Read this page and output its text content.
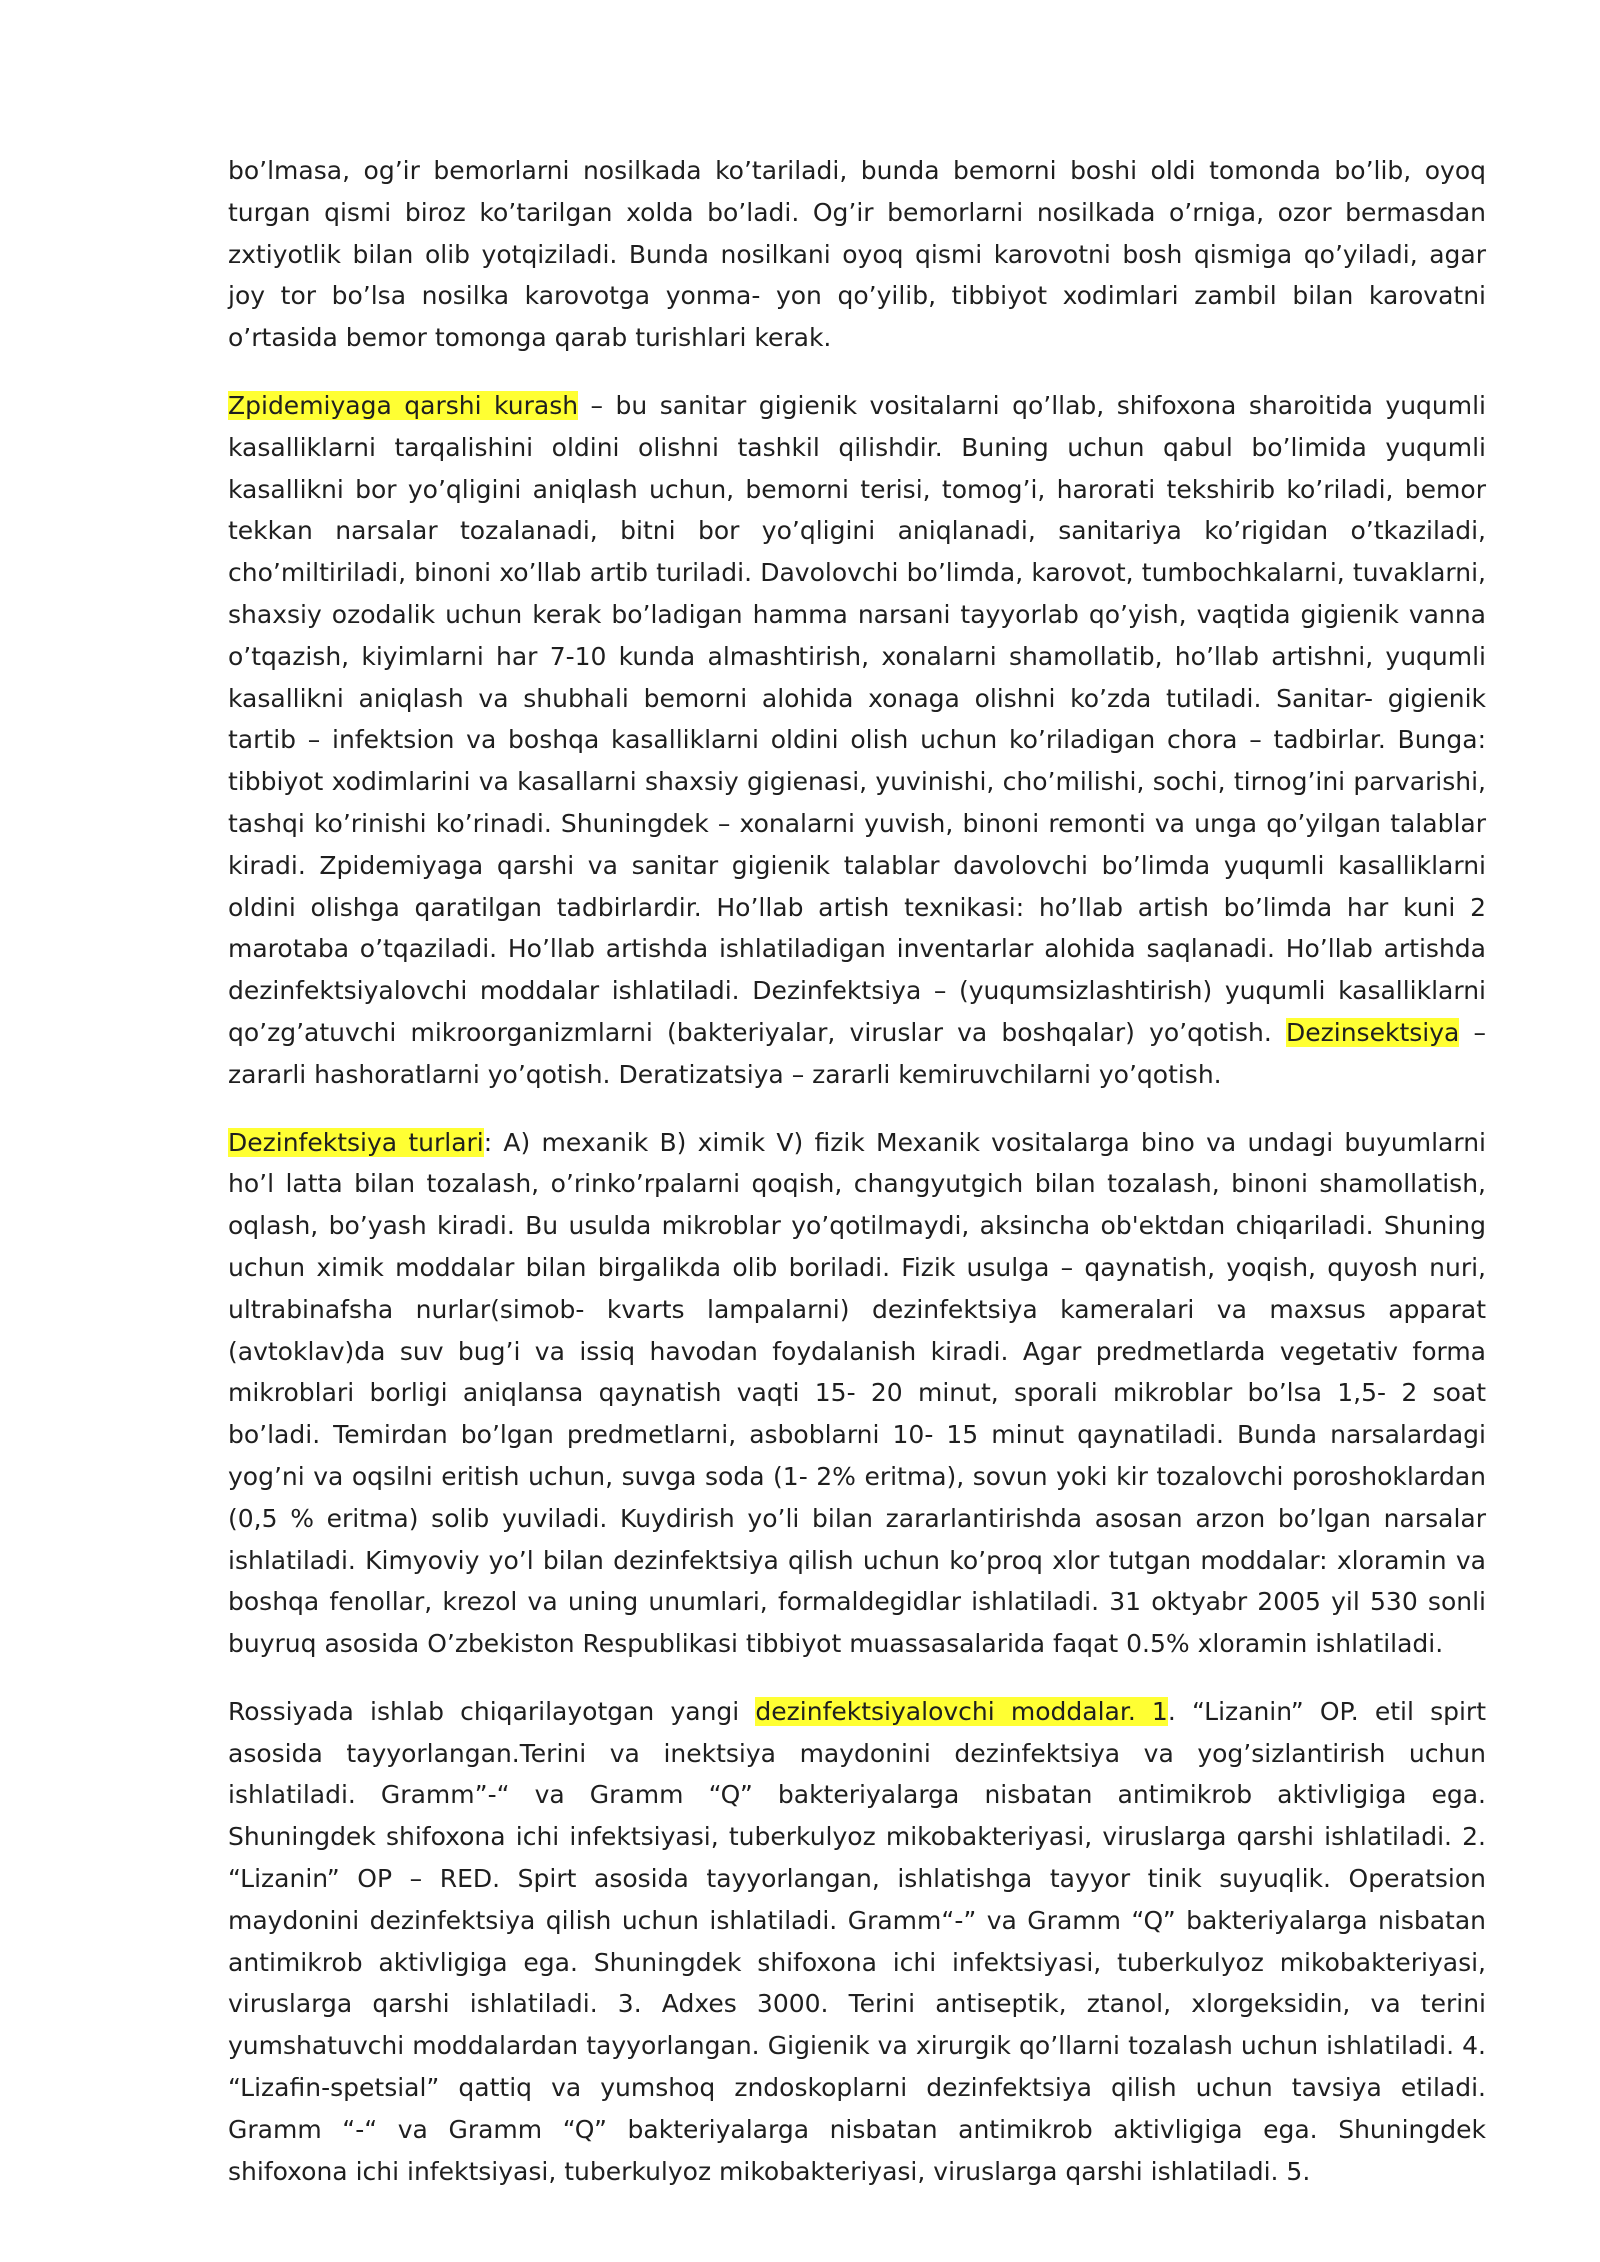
bo’lmasa, og’ir bemorlarni nosilkada ko’tariladi, bunda bemorni boshi oldi tomonda bo’lib, oyoq turgan qismi biroz ko’tarilgan xolda bo’ladi. Og’ir bemorlarni nosilkada o’rniga, ozor bermasdan zxtiyotlik bilan olib yotqiziladi. Bunda nosilkani oyoq qismi karovotni bosh qismiga qo’yiladi, agar joy tor bo’lsa nosilka karovotga yonma- yon qo’yilib, tibbiyot xodimlari zambil bilan karovatni o’rtasida bemor tomonga qarab turishlari kerak.

Zpidemiyaga qarshi kurash – bu sanitar gigienik vositalarni qo’llab, shifoxona sharoitida yuqumli kasalliklarni tarqalishini oldini olishni tashkil qilishdir. Buning uchun qabul bo’limida yuqumli kasallikni bor yo’qligini aniqlash uchun, bemorni terisi, tomog’i, harorati tekshirib ko’riladi, bemor tekkan narsalar tozalanadi, bitni bor yo’qligini aniqlanadi, sanitariya ko’rigidan o’tkaziladi, cho’miltiriladi, binoni xo’llab artib turiladi. Davolovchi bo’limda, karovot, tumbochkalarni, tuvaklarni, shaxsiy ozodalik uchun kerak bo’ladigan hamma narsani tayyorlab qo’yish, vaqtida gigienik vanna o’tqazish, kiyimlarni har 7-10 kunda almashtirish, xonalarni shamollatib, ho’llab artishni, yuqumli kasallikni aniqlash va shubhali bemorni alohida xonaga olishni ko’zda tutiladi. Sanitar- gigienik tartib – infektsion va boshqa kasalliklarni oldini olish uchun ko’riladigan chora – tadbirlar. Bunga: tibbiyot xodimlarini va kasallarni shaxsiy gigienasi, yuvinishi, cho’milishi, sochi, tirnog’ini parvarishi, tashqi ko’rinishi ko’rinadi. Shuningdek – xonalarni yuvish, binoni remonti va unga qo’yilgan talablar kiradi. Zpidemiyaga qarshi va sanitar gigienik talablar davolovchi bo’limda yuqumli kasalliklarni oldini olishga qaratilgan tadbirlardir. Ho’llab artish texnikasi: ho’llab artish bo’limda har kuni 2 marotaba o’tqaziladi. Ho’llab artishda ishlatiladigan inventarlar alohida saqlanadi. Ho’llab artishda dezinfektsiyalovchi moddalar ishlatiladi. Dezinfektsiya – (yuqumsizlashtirish) yuqumli kasalliklarni qo’zg’atuvchi mikroorganizmlarni (bakteriyalar, viruslar va boshqalar) yo’qotish. Dezinsektsiya – zararli hashoratlarni yo’qotish. Deratizatsiya – zararli kemiruvchilarni yo’qotish.

Dezinfektsiya turlari: A) mexanik B) ximik V) fizik Mexanik vositalarga bino va undagi buyumlarni ho’l latta bilan tozalash, o’rinko’rpalarni qoqish, changyutgich bilan tozalash, binoni shamollatish, oqlash, bo’yash kiradi. Bu usulda mikroblar yo’qotilmaydi, aksincha ob'ektdan chiqariladi. Shuning uchun ximik moddalar bilan birgalikda olib boriladi. Fizik usulga – qaynatish, yoqish, quyosh nuri, ultrabinafsha nurlar(simob- kvarts lampalarni) dezinfektsiya kameralari va maxsus apparat (avtoklav)da suv bug’i va issiq havodan foydalanish kiradi. Agar predmetlarda vegetativ forma mikroblari borligi aniqlansa qaynatish vaqti 15- 20 minut, sporali mikroblar bo’lsa 1,5- 2 soat bo’ladi. Temirdan bo’lgan predmetlarni, asboblarni 10- 15 minut qaynatiladi. Bunda narsalardagi yog’ni va oqsilni eritish uchun, suvga soda (1- 2% eritma), sovun yoki kir tozalovchi poroshoklardan (0,5 % eritma) solib yuviladi. Kuydirish yo’li bilan zararlantirishda asosan arzon bo’lgan narsalar ishlatiladi. Kimyoviy yo’l bilan dezinfektsiya qilish uchun ko’proq xlor tutgan moddalar: xloramin va boshqa fenollar, krezol va uning unumlari, formaldegidlar ishlatiladi. 31 oktyabr 2005 yil 530 sonli buyruq asosida O’zbekiston Respublikasi tibbiyot muassasalarida faqat 0.5% xloramin ishlatiladi.

Rossiyada ishlab chiqarilayotgan yangi dezinfektsiyalovchi moddalar. 1. “Lizanin” OP. etil spirt asosida tayyorlangan.Terini va inektsiya maydonini dezinfektsiya va yog’sizlantirish uchun ishlatiladi. Gramm”-“ va Gramm “Q” bakteriyalarga nisbatan antimikrob aktivligiga ega. Shuningdek shifoxona ichi infektsiyasi, tuberkulyoz mikobakteriyasi, viruslarga qarshi ishlatiladi. 2. “Lizanin” OP – RED. Spirt asosida tayyorlangan, ishlatishga tayyor tinik suyuqlik. Operatsion maydonini dezinfektsiya qilish uchun ishlatiladi. Gramm“-” va Gramm “Q” bakteriyalarga nisbatan antimikrob aktivligiga ega. Shuningdek shifoxona ichi infektsiyasi, tuberkulyoz mikobakteriyasi, viruslarga qarshi ishlatiladi. 3. Adxes 3000. Terini antiseptik, ztanol, xlorgeksidin, va terini yumshatuvchi moddalardan tayyorlangan. Gigienik va xirurgik qo’llarni tozalash uchun ishlatiladi. 4. “Lizafin-spetsial” qattiq va yumshoq zndoskoplarni dezinfektsiya qilish uchun tavsiya etiladi. Gramm “-“ va Gramm “Q” bakteriyalarga nisbatan antimikrob aktivligiga ega. Shuningdek shifoxona ichi infektsiyasi, tuberkulyoz mikobakteriyasi, viruslarga qarshi ishlatiladi. 5.
